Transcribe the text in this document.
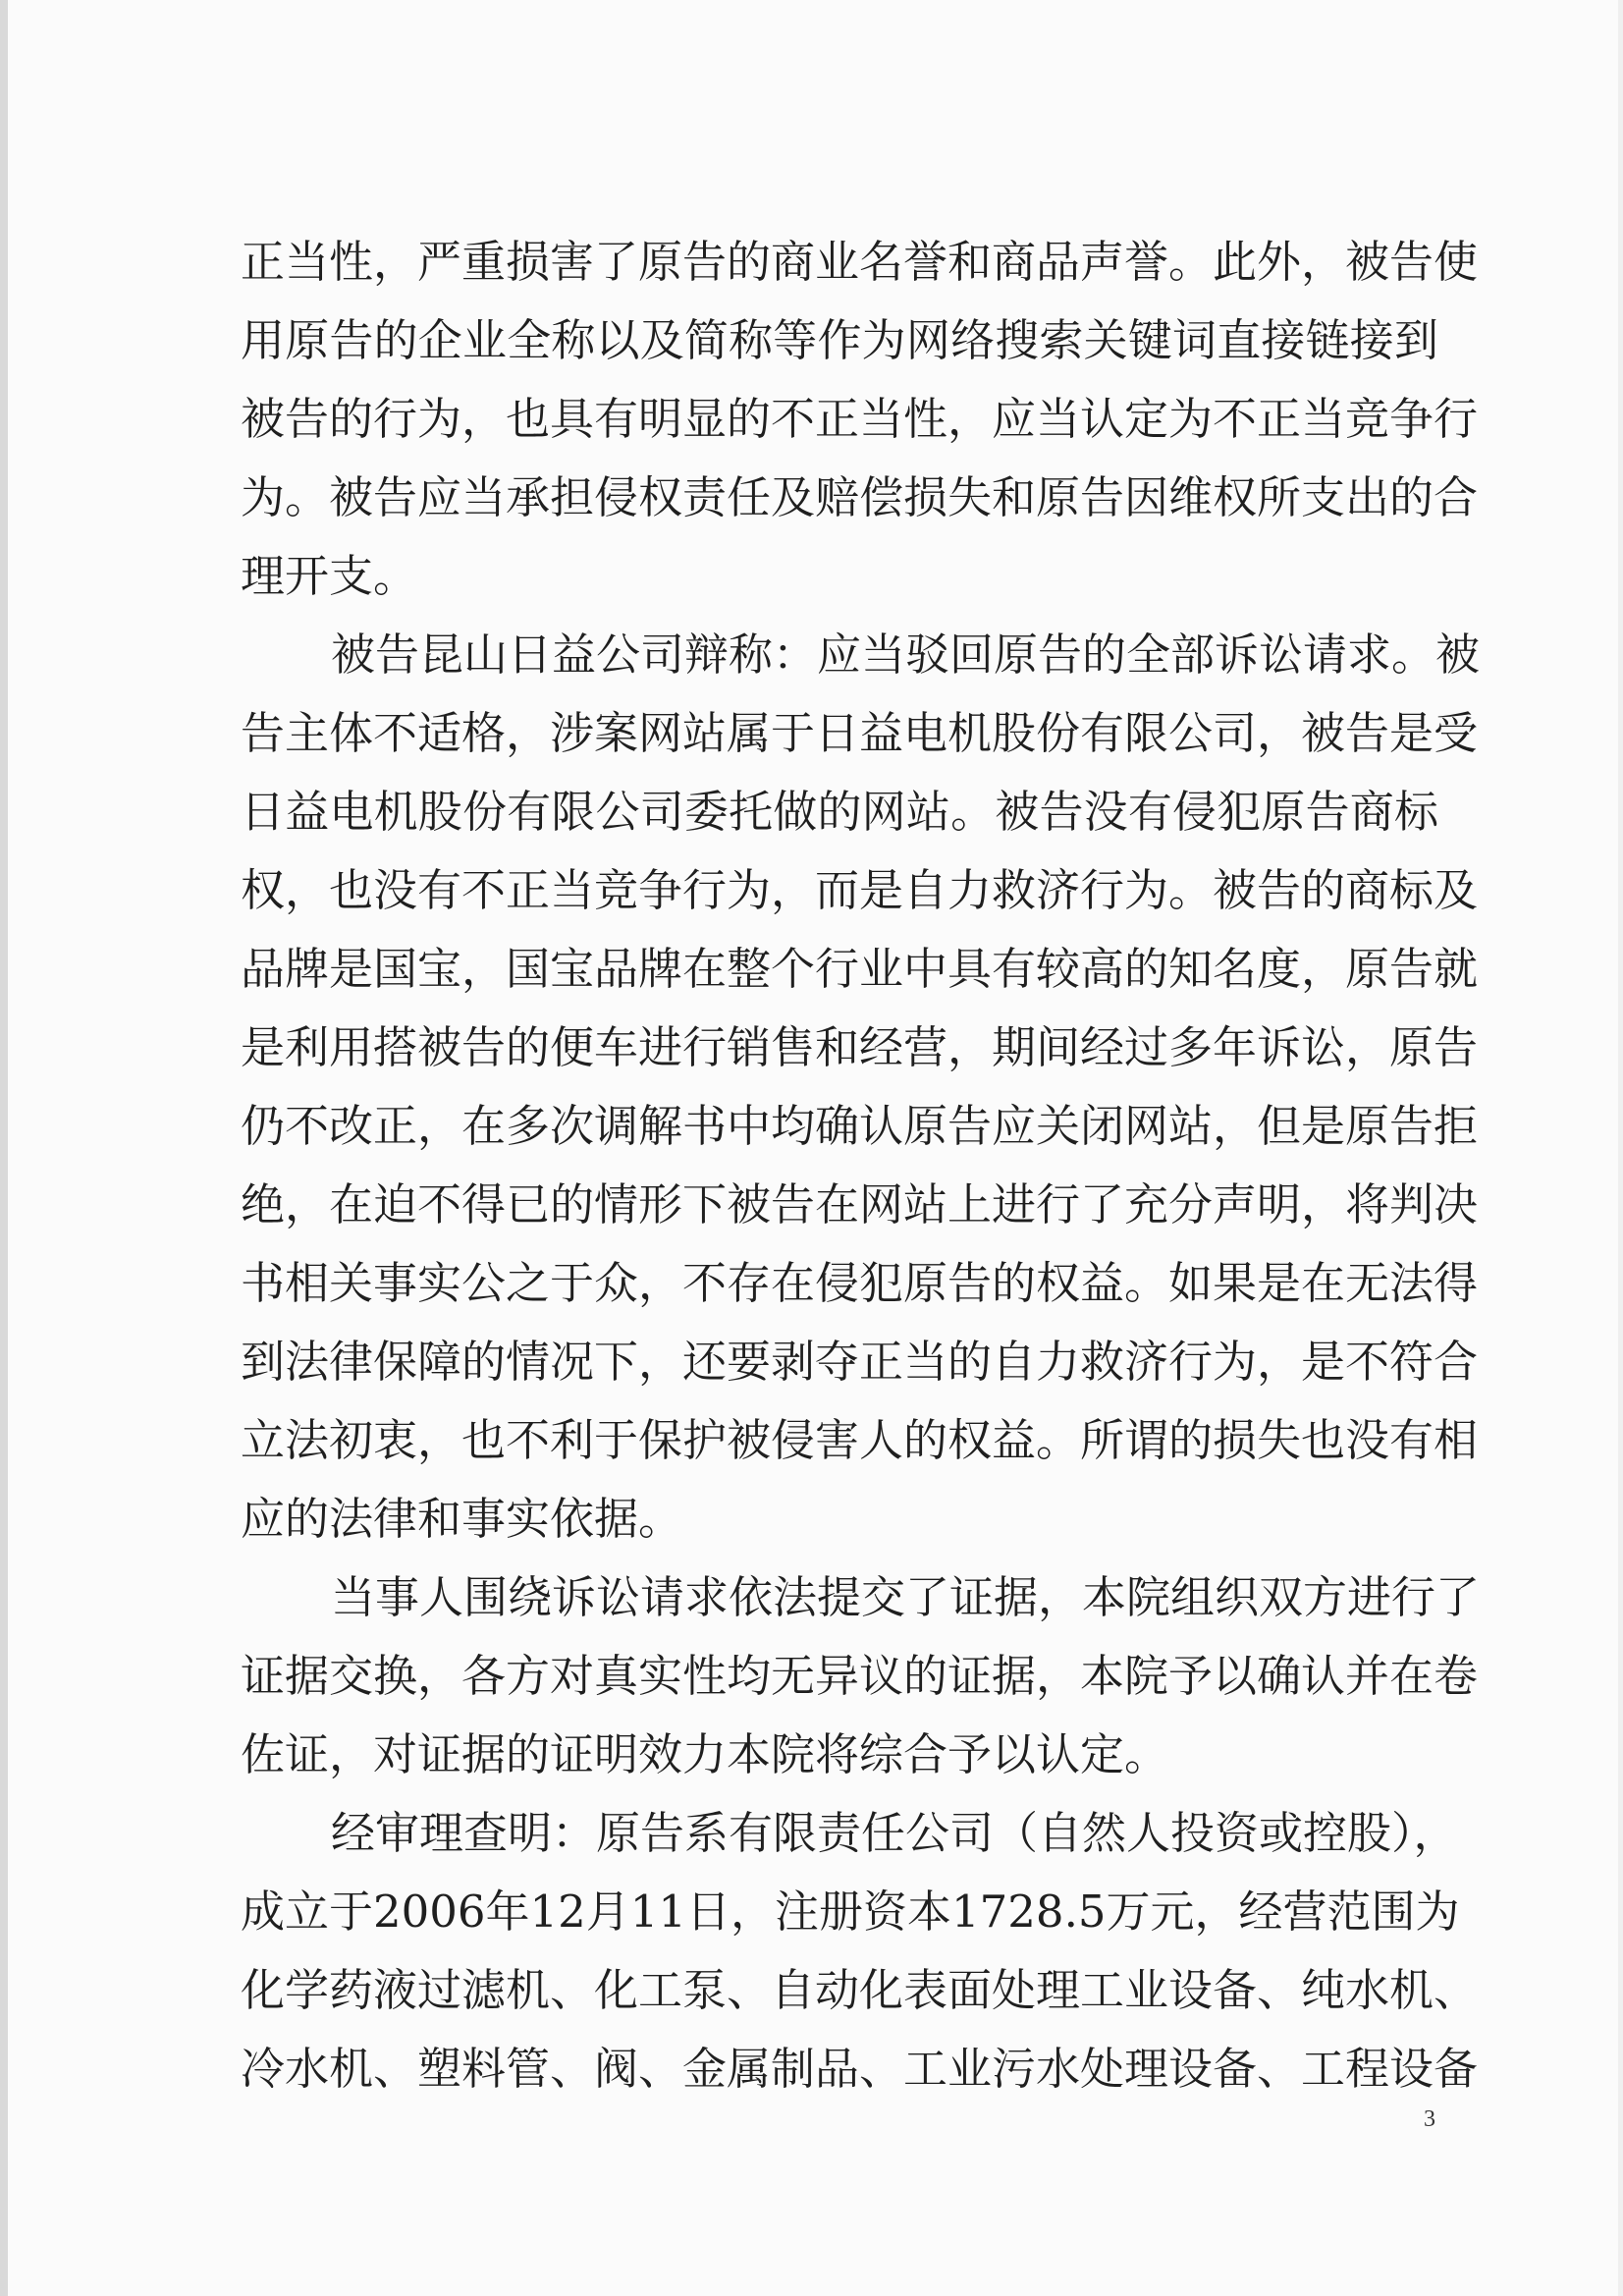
正当性，严重损害了原告的商业名誉和商品声誉。此外，被告使
用原告的企业全称以及简称等作为网络搜索关键词直接链接到
被告的行为，也具有明显的不正当性，应当认定为不正当竞争行
为。被告应当承担侵权责任及赔偿损失和原告因维权所支出的合
理开支。
被告昆山日益公司辩称：应当驳回原告的全部诉讼请求。被
告主体不适格，涉案网站属于日益电机股份有限公司，被告是受
日益电机股份有限公司委托做的网站。被告没有侵犯原告商标
权，也没有不正当竞争行为，而是自力救济行为。被告的商标及
品牌是国宝，国宝品牌在整个行业中具有较高的知名度，原告就
是利用搭被告的便车进行销售和经营，期间经过多年诉讼，原告
仍不改正，在多次调解书中均确认原告应关闭网站，但是原告拒
绝，在迫不得已的情形下被告在网站上进行了充分声明，将判决
书相关事实公之于众，不存在侵犯原告的权益。如果是在无法得
到法律保障的情况下，还要剥夺正当的自力救济行为，是不符合
立法初衷，也不利于保护被侵害人的权益。所谓的损失也没有相
应的法律和事实依据。
当事人围绕诉讼请求依法提交了证据，本院组织双方进行了
证据交换，各方对真实性均无异议的证据，本院予以确认并在卷
佐证，对证据的证明效力本院将综合予以认定。
经审理查明：原告系有限责任公司（自然人投资或控股），
成立于2006年12月11日，注册资本1728.5万元，经营范围为
化学药液过滤机、化工泵、自动化表面处理工业设备、纯水机、
冷水机、塑料管、阀、金属制品、工业污水处理设备、工程设备
3
